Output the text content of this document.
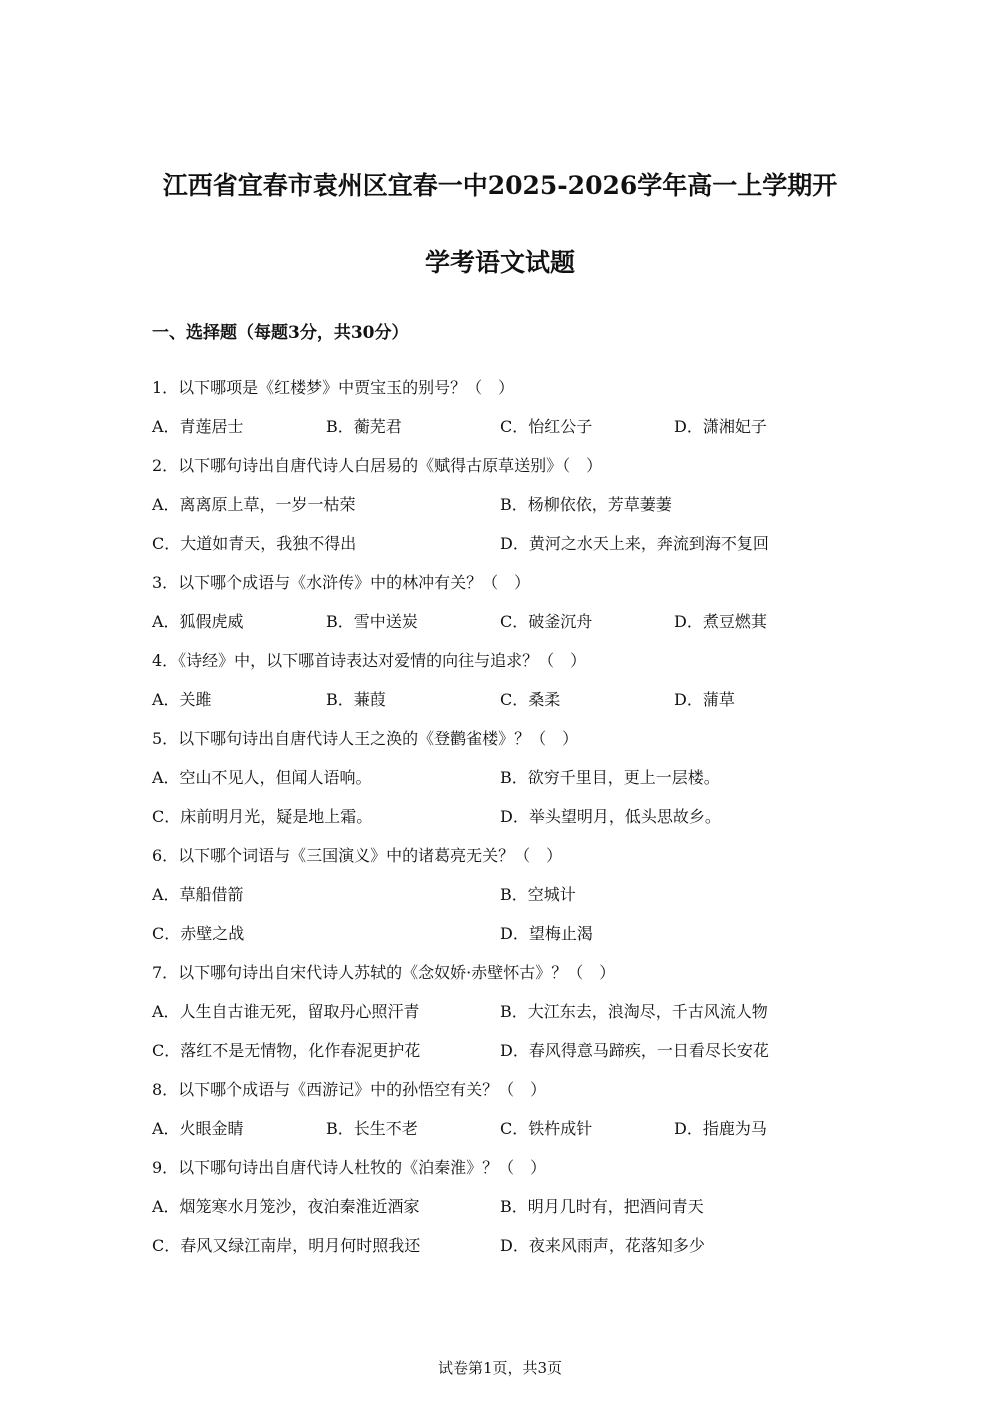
江西省宜春市袁州区宜春一中2025-2026学年高一上学期开
学考语文试题
一、选择题（每题3分，共30分）
1．以下哪项是《红楼梦》中贾宝玉的别号？（　）
A．青莲居士	B．蘅芜君	C．怡红公子	D．潇湘妃子
2．以下哪句诗出自唐代诗人白居易的《赋得古原草送别》（　）
A．离离原上草，一岁一枯荣	B．杨柳依依，芳草萋萋
C．大道如青天，我独不得出	D．黄河之水天上来，奔流到海不复回
3．以下哪个成语与《水浒传》中的林冲有关？（　）
A．狐假虎威	B．雪中送炭	C．破釜沉舟	D．煮豆燃萁
4．《诗经》中，以下哪首诗表达对爱情的向往与追求？（　）
A．关雎	B．蒹葭	C．桑柔	D．蒲草
5．以下哪句诗出自唐代诗人王之涣的《登鹳雀楼》？（　）
A．空山不见人，但闻人语响。	B．欲穷千里目，更上一层楼。
C．床前明月光，疑是地上霜。	D．举头望明月，低头思故乡。
6．以下哪个词语与《三国演义》中的诸葛亮无关？（　）
A．草船借箭	B．空城计
C．赤壁之战	D．望梅止渴
7．以下哪句诗出自宋代诗人苏轼的《念奴娇·赤壁怀古》？（　）
A．人生自古谁无死，留取丹心照汗青	B．大江东去，浪淘尽，千古风流人物
C．落红不是无情物，化作春泥更护花	D．春风得意马蹄疾，一日看尽长安花
8．以下哪个成语与《西游记》中的孙悟空有关？（　）
A．火眼金睛	B．长生不老	C．铁杵成针	D．指鹿为马
9．以下哪句诗出自唐代诗人杜牧的《泊秦淮》？（　）
A．烟笼寒水月笼沙，夜泊秦淮近酒家	B．明月几时有，把酒问青天
C．春风又绿江南岸，明月何时照我还	D．夜来风雨声，花落知多少
试卷第1页，共3页
